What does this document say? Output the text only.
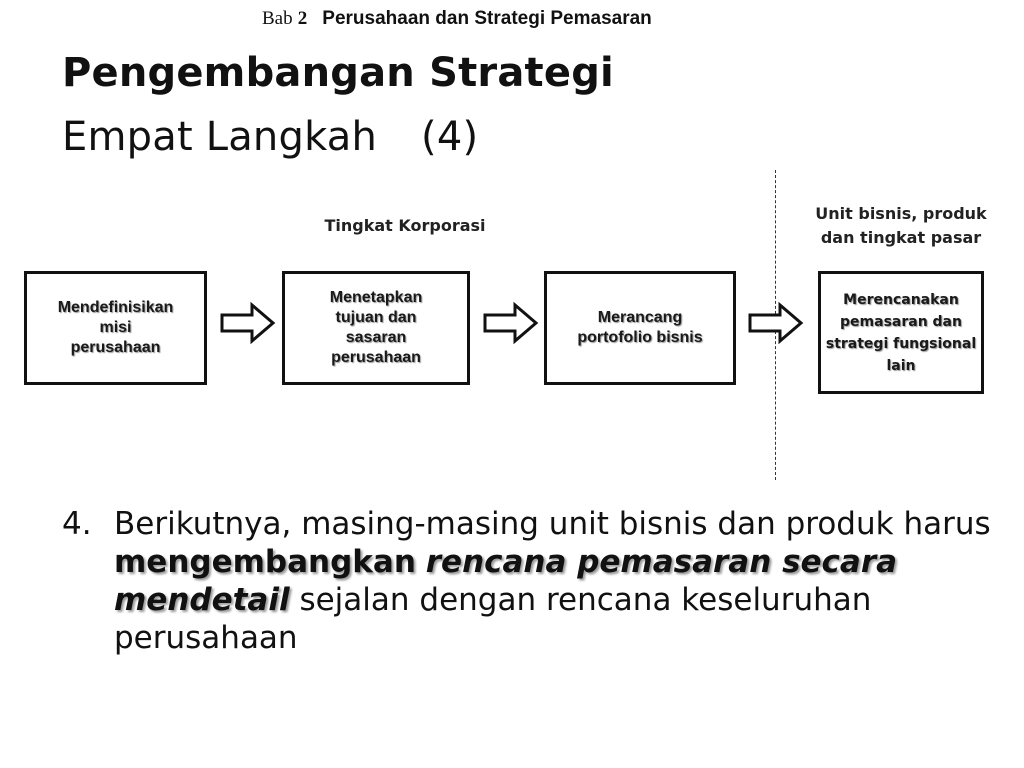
Bab 2 Perusahaan dan Strategi Pemasaran
Pengembangan Strategi
Empat Langkah (4)
Tingkat Korporasi
Unit bisnis, produk
dan tingkat pasar
Mendefinisikan
misi
perusahaan
Menetapkan
tujuan dan
sasaran
perusahaan
Merancang
portofolio bisnis
Merencanakan
pemasaran dan
strategi fungsional
lain
4. Berikutnya, masing-masing unit bisnis dan produk harus mengembangkan rencana pemasaran secara mendetail sejalan dengan rencana keseluruhan perusahaan
